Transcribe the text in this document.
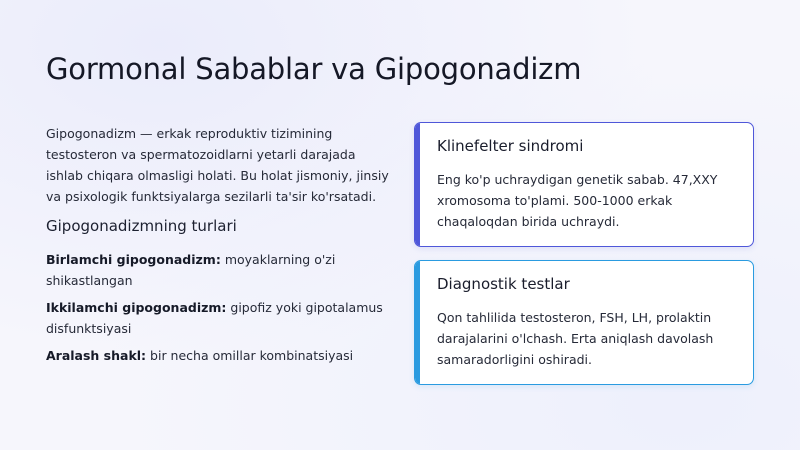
Gormonal Sabablar va Gipogonadizm

Gipogonadizm — erkak reproduktiv tizimining testosteron va spermatozoidlarni yetarli darajada ishlab chiqara olmasligi holati. Bu holat jismoniy, jinsiy va psixologik funktsiyalarga sezilarli ta'sir ko'rsatadi.

Gipogonadizmning turlari
Birlamchi gipogonadizm: moyaklarning o'zi shikastlangan
Ikkilamchi gipogonadizm: gipofiz yoki gipotalamus disfunktsiyasi
Aralash shakl: bir necha omillar kombinatsiyasi
Klinefelter sindromi

Eng ko'p uchraydigan genetik sabab. 47,XXY xromosoma to'plami. 500-1000 erkak chaqaloqdan birida uchraydi.

Diagnostik testlar

Qon tahlilida testosteron, FSH, LH, prolaktin darajalarini o'lchash. Erta aniqlash davolash samaradorligini oshiradi.
